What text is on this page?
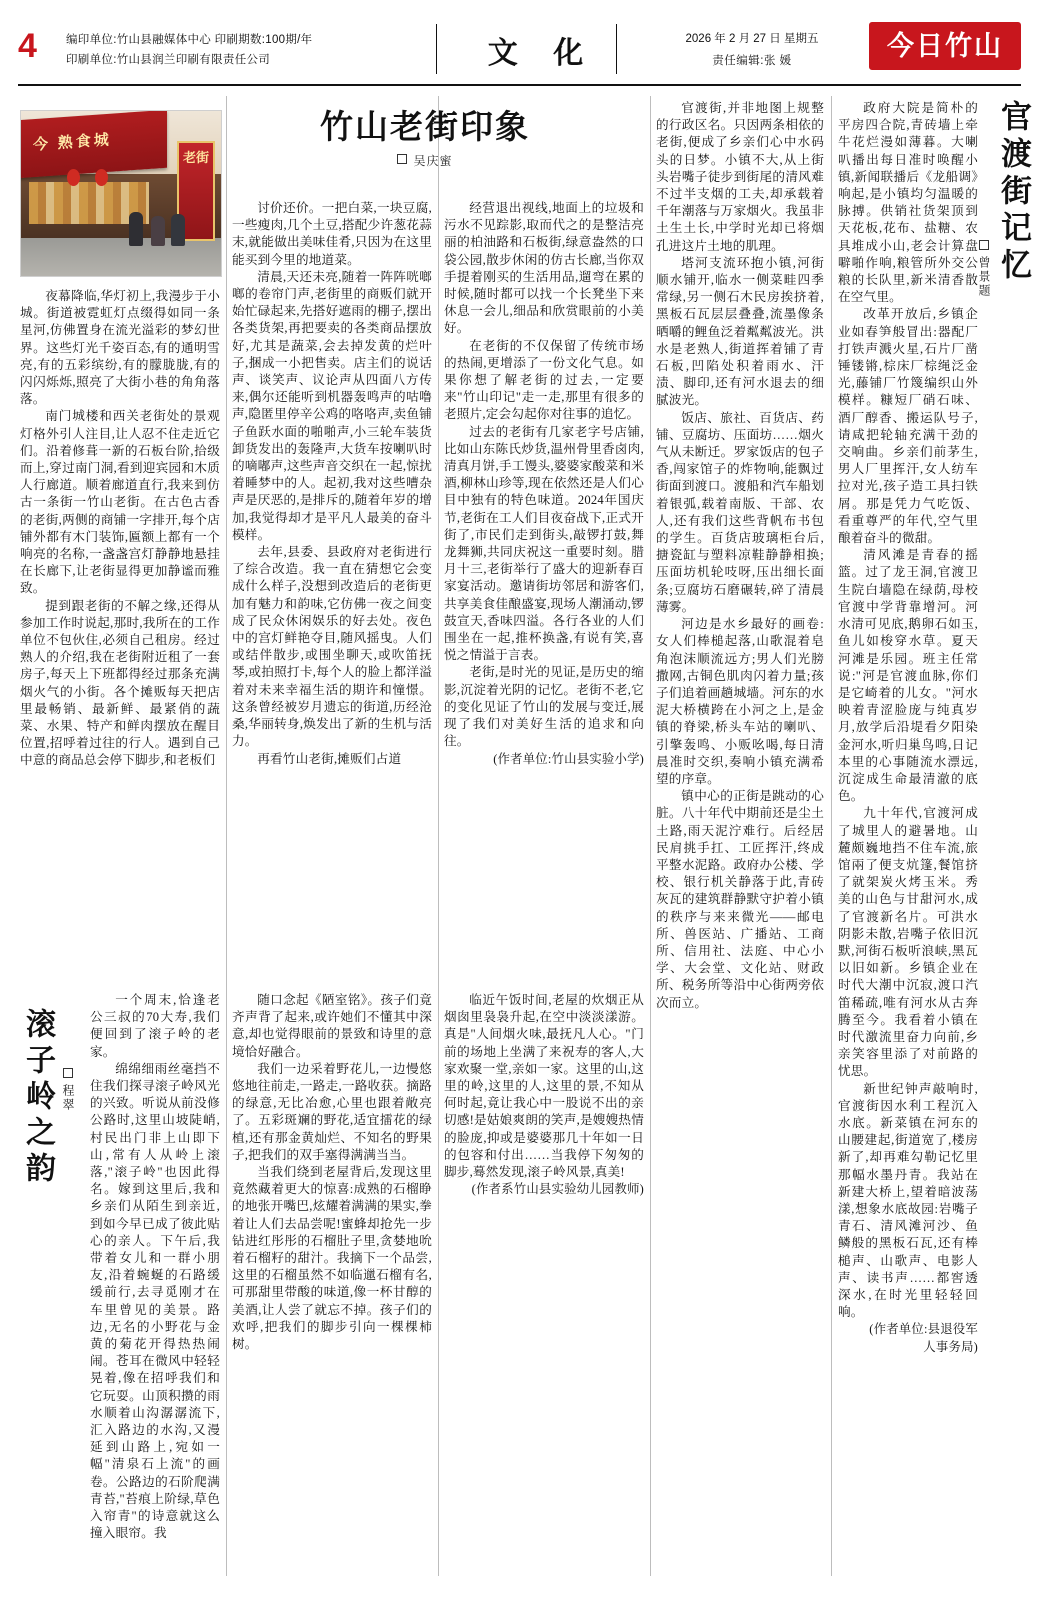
4	编印单位:竹山县融媒体中心 印刷期数:100期/年
印刷单位:竹山县润兰印刷有限责任公司	文 化	2026 年 2 月 27 日 星期五
责任编辑:张 媛	今日竹山
竹山老街印象
吴庆蜜
今 熟食城
老街

夜幕降临,华灯初上,我漫步于小城。街道被霓虹灯点缀得如同一条星河,仿佛置身在流光溢彩的梦幻世界。这些灯光千姿百态,有的通明雪亮,有的五彩缤纷,有的朦胧胧,有的闪闪烁烁,照亮了大街小巷的角角落落。

南门城楼和西关老街处的景观灯格外引人注目,让人忍不住走近它们。沿着修葺一新的石板台阶,拾级而上,穿过南门洞,看到迎宾园和木质人行廊道。顺着廊道直行,我来到仿古一条街一竹山老街。在古色古香的老街,两侧的商铺一字排开,每个店铺外都有木门装饰,匾额上都有一个响亮的名称,一盏盏宫灯静静地悬挂在长廊下,让老街显得更加静谧而雅致。

提到跟老街的不解之缘,还得从参加工作时说起,那时,我所在的工作单位不包伙住,必须自己租房。经过熟人的介绍,我在老街附近租了一套房子,每天上下班都得经过那条充满烟火气的小街。各个摊贩每天把店里最畅销、最新鲜、最紧俏的蔬菜、水果、特产和鲜肉摆放在醒目位置,招呼着过往的行人。遇到自己中意的商品总会停下脚步,和老板们

讨价还价。一把白菜,一块豆腐,一些瘦肉,几个土豆,搭配少许葱花蒜末,就能做出美味佳肴,只因为在这里能买到今里的地道菜。

清晨,天还未亮,随着一阵阵咣啷啷的卷帘门声,老街里的商贩们就开始忙碌起来,先搭好遮雨的棚子,摆出各类货架,再把要卖的各类商品摆放好,尤其是蔬菜,会去掉发黄的烂叶子,捆成一小把售卖。店主们的说话声、谈笑声、议论声从四面八方传来,偶尔还能听到机器轰鸣声的咕噜声,隐匿里停辛公鸡的咯咯声,卖鱼铺子鱼跃水面的啪啪声,小三轮车装货卸货发出的轰隆声,大货车按喇叭时的嘀嘟声,这些声音交织在一起,惊扰着睡梦中的人。起初,我对这些嘈杂声是厌恶的,是排斥的,随着年岁的增加,我觉得却才是平凡人最美的奋斗模样。

去年,县委、县政府对老街进行了综合改造。我一直在猜想它会变成什么样子,没想到改造后的老街更加有魅力和韵味,它仿佛一夜之间变成了民众休闲娱乐的好去处。夜色中的宫灯鲜艳夺目,随风摇曳。人们或结伴散步,或围坐聊天,或吹笛抚琴,或拍照打卡,每个人的脸上都洋溢着对未来幸福生活的期许和憧憬。这条曾经被岁月遗忘的街道,历经沧桑,华丽转身,焕发出了新的生机与活力。

再看竹山老街,摊贩们占道

经营退出视线,地面上的垃圾和污水不见踪影,取而代之的是整洁亮丽的柏油路和石板街,绿意盎然的口袋公园,散步休闲的仿古长廊,当你双手提着刚买的生活用品,遛弯在累的时候,随时都可以找一个长凳坐下来休息一会儿,细品和欣赏眼前的小美好。

在老街的不仅保留了传统市场的热闹,更增添了一份文化气息。如果你想了解老街的过去,一定要来"竹山印记"走一走,那里有很多的老照片,定会勾起你对往事的追忆。

过去的老街有几家老字号店铺,比如山东陈氏炒货,温州骨里香卤肉,清真月饼,手工馒头,婆婆家酸菜和米酒,柳林山珍等,现在依然还是人们心目中独有的特色味道。2024年国庆节,老街在工人们目夜奋战下,正式开街了,市民们走到街头,敲锣打鼓,舞龙舞狮,共同庆祝这一重要时刻。腊月十三,老街举行了盛大的迎新春百家宴活动。邀请街坊邻居和游客们,共享美食佳酿盛宴,现场人潮涌动,锣鼓宣天,香味四溢。各行各业的人们围坐在一起,推杯换盏,有说有笑,喜悦之情溢于言表。

老街,是时光的见证,是历史的缩影,沉淀着光阴的记忆。老街不老,它的变化见证了竹山的发展与变迁,展现了我们对美好生活的追求和向往。

(作者单位:竹山县实验小学)

官渡街记忆
曾景题

官渡街,并非地图上规整的行政区名。只因两条相依的老街,便成了乡亲们心中水码头的日梦。小镇不大,从上街头岩嘴子徒步到街尾的清风难不过半支烟的工夫,却承载着千年潮落与万家烟火。我虽非土生土长,中学时光却已将烟孔进这片土地的肌理。

塔河支流环抱小镇,河街顺水铺开,临水一侧菜畦四季常绿,另一侧石木民房挨挤着,黑板石瓦层层叠叠,流墨像条晒嚼的鲤鱼泛着粼粼波光。洪水是老熟人,街道挥着铺了青石板,凹陷处积着雨水、汗渍、脚印,还有河水退去的细腻波光。

饭店、旅社、百货店、药铺、豆腐坊、压面坊……烟火气从未断迁。罗家饭店的包子香,闯家馆子的炸物响,能飘过街面到渡口。渡船和汽车船划着银弧,载着南版、干部、农人,还有我们这些背帆布书包的学生。百货店玻璃柜台后,搪瓷缸与塑料凉鞋静静相换;压面坊机轮吱呀,压出细长面条;豆腐坊石磨碾转,碎了清晨薄雾。

河边是水乡最好的画卷:女人们棒槌起落,山歌混着皂角泡沫顺流远方;男人们光膀撒网,古铜色肌肉闪着力量;孩子们追着画趟城墙。河东的水泥大桥横跨在小河之上,是金镇的脊梁,桥头车站的喇叭、引擎轰鸣、小贩吆喝,每日清晨准时交织,奏响小镇充满希望的序章。

镇中心的正街是跳动的心脏。八十年代中期前还是尘土土路,雨天泥泞难行。后经居民肩挑手扛、工匠挥汗,终成平整水泥路。政府办公楼、学校、银行机关静落于此,青砖灰瓦的建筑群静默守护着小镇的秩序与来来微光——邮电所、兽医站、广播站、工商所、信用社、法庭、中心小学、大会堂、文化站、财政所、税务所等沿中心街两旁依次而立。

政府大院是简朴的平房四合院,青砖墙上牵牛花烂漫如薄暮。大喇叭播出每日准时唤醒小镇,新闻联播后《龙船调》响起,是小镇均匀温暖的脉搏。供销社货架顶到天花板,花布、盐糖、农具堆成小山,老会计算盘噼啪作响,粮管所外交公粮的长队里,新米清香散在空气里。

改革开放后,乡镇企业如春笋般冒出:器配厂打铁声溅火星,石片厂凿锤镂锵,棕床厂棕绳泛金光,藤铺厂竹篾编织山外模样。糠短厂硝石味、酒厂醇香、搬运队号子,请咸把轮轴充满干劲的交响曲。乡亲们前茅生,男人厂里挥汗,女人纺车拉对光,孩子造工具扫铁屑。那是凭力气吃饭、看重尊严的年代,空气里酿着奋斗的微甜。

清风滩是青春的摇篮。过了龙王洞,官渡卫生院白墙隐在绿荫,母校官渡中学背靠增河。河水清可见底,鹅卵石如玉,鱼儿如梭穿水草。夏天河滩是乐园。班主任常说:"河是官渡血脉,你们是它崎着的儿女。"河水映着青涩脸庞与纯真岁月,放学后沿堤看夕阳染金河水,听归巢鸟鸣,日记本里的心事随流水漂远,沉淀成生命最清澈的底色。

九十年代,官渡河成了城里人的避暑地。山麓颇巍地挡不住车流,旅馆兩了便支炕篷,餐馆挤了就架炭火烤玉米。秀美的山色与甘甜河水,成了官渡新名片。可洪水阴影未散,岩嘴子依旧沉默,河街石板听浪峡,黑瓦以旧如新。乡镇企业在时代大潮中沉寂,渡口汽笛稀疏,唯有河水从古奔腾至今。我看着小镇在时代激流里奋力向前,乡亲笑容里添了对前路的忧思。

新世纪钟声敲响时,官渡街因水利工程沉入水底。新菜镇在河东的山腰建起,街道宽了,楼房新了,却再难勾勒记忆里那幅水墨丹青。我站在新建大桥上,望着暗波荡漾,想象水底故园:岩嘴子青石、清风滩河沙、鱼鳞般的黑板石瓦,还有棒槌声、山歌声、电影人声、读书声……都窖透深水,在时光里轻轻回响。

(作者单位:县退役军人事务局)

滚子岭之韵 程翠

一个周末,恰逢老公三叔的70大寿,我们便回到了滚子岭的老家。

绵绵细雨丝毫挡不住我们探寻滚子岭风光的兴致。听说从前没修公路时,这里山坡陡峭,村民出门非上山即下山,常有人从岭上滚落,"滚子岭"也因此得名。嫁到这里后,我和乡亲们从陌生到亲近,到如今早已成了彼此贴心的亲人。下午后,我带着女儿和一群小朋友,沿着蜿蜒的石路缓缓前行,去寻觅刚才在车里曾见的美景。路边,无名的小野花与金黄的菊花开得热热闹闹。苍耳在微风中轻轻晃着,像在招呼我们和它玩耍。山顶积攒的雨水顺着山沟潺潺流下,汇入路边的水沟,又漫延到山路上,宛如一幅"清泉石上流"的画卷。公路边的石阶爬满青苔,"苔痕上阶绿,草色入帘青"的诗意就这么撞入眼帘。我

随口念起《陋室铭》。孩子们竟齐声背了起来,或许她们不懂其中深意,却也觉得眼前的景致和诗里的意境恰好融合。

我们一边采着野花儿,一边慢悠悠地往前走,一路走,一路收获。摘路的绿意,无比冶愈,心里也跟着敞亮了。五彩斑斓的野花,适宜擂花的绿植,还有那金黄灿烂、不知名的野果子,把我们的双手塞得满满当当。

当我们绕到老屋背后,发现这里竟然藏着更大的惊喜:成熟的石榴睁的地张开嘴巴,炫耀着满满的果实,拳着让人们去品尝呢!蜜蜂却抢先一步钻进红彤彤的石榴肚子里,贪婪地吮着石榴籽的甜汁。我摘下一个品尝,这里的石榴虽然不如临邋石榴有名,可那甜里带酸的味道,像一杯甘醇的美酒,让人尝了就忘不掉。孩子们的欢呼,把我们的脚步引向一棵棵柿树。

临近午饭时间,老屋的炊烟正从烟囱里袅袅升起,在空中淡淡漾游。真是"人间烟火味,最抚凡人心。"门前的场地上坐满了来祝寿的客人,大家欢聚一堂,亲如一家。这里的山,这里的岭,这里的人,这里的景,不知从何时起,竟让我心中一股说不出的亲切感!是姑娘爽朗的笑声,是嫂嫂热情的脸庞,抑或是婆婆那几十年如一日的包容和付出……当我停下匆匆的脚步,蓦然发现,滚子岭风景,真美!

(作者系竹山县实验幼儿园教师)
